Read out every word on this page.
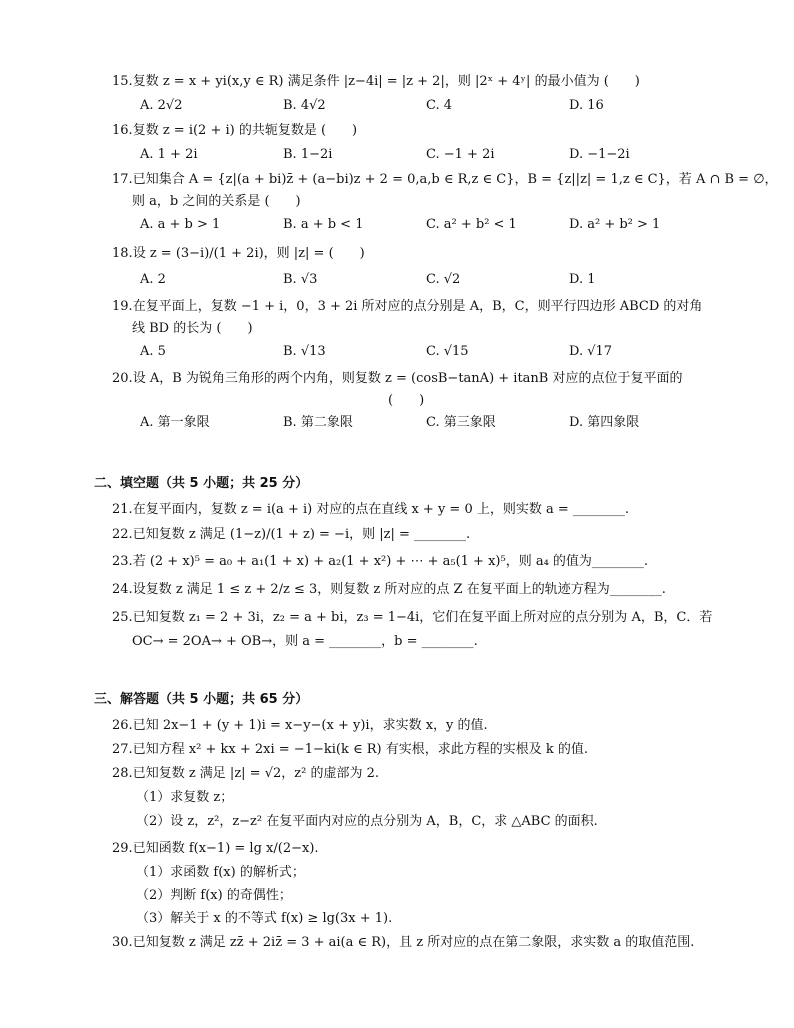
15.复数 z = x + yi(x,y ∈ R) 满足条件 |z−4i| = |z + 2|，则 |2ˣ + 4ʸ| 的最小值为 (　　)
A. 2√2	B. 4√2	C. 4	D. 16
16.复数 z = i(2 + i) 的共轭复数是 (　　)
A. 1 + 2i	B. 1−2i	C. −1 + 2i	D. −1−2i
17.已知集合 A = {z|(a + bi)z̄ + (a−bi)z + 2 = 0,a,b ∈ R,z ∈ C}，B = {z||z| = 1,z ∈ C}，若 A ∩ B = ∅，
则 a，b 之间的关系是 (　　)
A. a + b > 1	B. a + b < 1	C. a² + b² < 1	D. a² + b² > 1
18.设 z = (3−i)/(1 + 2i)，则 |z| = (　　)
A. 2	B. √3	C. √2	D. 1
19.在复平面上，复数 −1 + i，0，3 + 2i 所对应的点分别是 A，B，C，则平行四边形 ABCD 的对角
线 BD 的长为 (　　)
A. 5	B. √13	C. √15	D. √17
20.设 A，B 为锐角三角形的两个内角，则复数 z = (cosB−tanA) + itanB 对应的点位于复平面的
(　　)
A. 第一象限	B. 第二象限	C. 第三象限	D. 第四象限
二、填空题（共 5 小题；共 25 分）
21.在复平面内，复数 z = i(a + i) 对应的点在直线 x + y = 0 上，则实数 a = ________.
22.已知复数 z 满足 (1−z)/(1 + z) = −i，则 |z| = ________.
23.若 (2 + x)⁵ = a₀ + a₁(1 + x) + a₂(1 + x²) + ⋯ + a₅(1 + x)⁵，则 a₄ 的值为________.
24.设复数 z 满足 1 ≤ z + 2/z ≤ 3，则复数 z 所对应的点 Z 在复平面上的轨迹方程为________.
25.已知复数 z₁ = 2 + 3i，z₂ = a + bi，z₃ = 1−4i，它们在复平面上所对应的点分别为 A，B，C．若
OC→ = 2OA→ + OB→，则 a = ________，b = ________.
三、解答题（共 5 小题；共 65 分）
26.已知 2x−1 + (y + 1)i = x−y−(x + y)i，求实数 x，y 的值.
27.已知方程 x² + kx + 2xi = −1−ki(k ∈ R) 有实根，求此方程的实根及 k 的值.
28.已知复数 z 满足 |z| = √2，z² 的虚部为 2.
（1）求复数 z；
（2）设 z，z²，z−z² 在复平面内对应的点分别为 A，B，C，求 △ABC 的面积.
29.已知函数 f(x−1) = lg x/(2−x).
（1）求函数 f(x) 的解析式；
（2）判断 f(x) 的奇偶性；
（3）解关于 x 的不等式 f(x) ≥ lg(3x + 1).
30.已知复数 z 满足 zz̄ + 2iz̄ = 3 + ai(a ∈ R)，且 z 所对应的点在第二象限，求实数 a 的取值范围.
